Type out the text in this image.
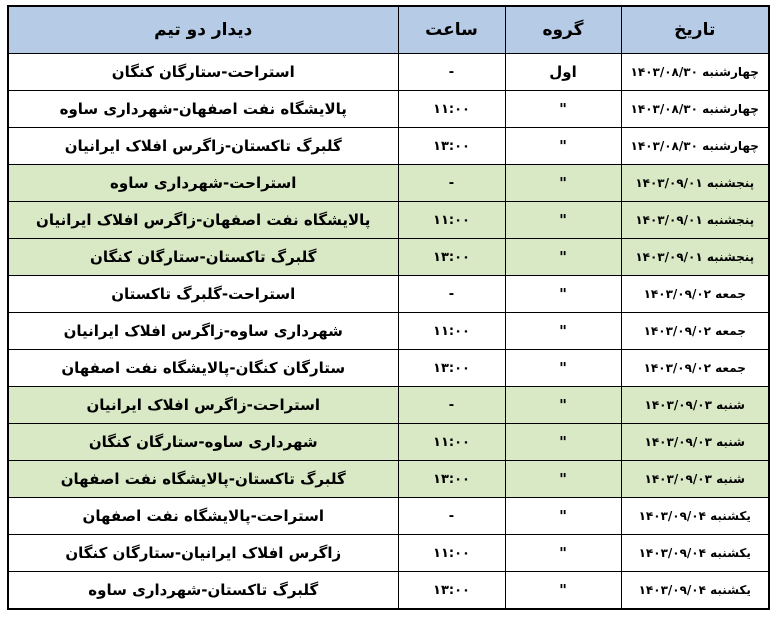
تاریخ	گروه	ساعت	دیدار دو تیم
چهارشنبه ۱۴۰۳/۰۸/۳۰	اول	-	استراحت-ستارگان کنگان
چهارشنبه ۱۴۰۳/۰۸/۳۰	"	۱۱:۰۰	پالایشگاه نفت اصفهان-شهرداری ساوه
چهارشنبه ۱۴۰۳/۰۸/۳۰	"	۱۳:۰۰	گلبرگ تاکستان-زاگرس افلاک ایرانیان
پنجشنبه ۱۴۰۳/۰۹/۰۱	"	-	استراحت-شهرداری ساوه
پنجشنبه ۱۴۰۳/۰۹/۰۱	"	۱۱:۰۰	پالایشگاه نفت اصفهان-زاگرس افلاک ایرانیان
پنجشنبه ۱۴۰۳/۰۹/۰۱	"	۱۳:۰۰	گلبرگ تاکستان-ستارگان کنگان
جمعه ۱۴۰۳/۰۹/۰۲	"	-	استراحت-گلبرگ تاکستان
جمعه ۱۴۰۳/۰۹/۰۲	"	۱۱:۰۰	شهرداری ساوه-زاگرس افلاک ایرانیان
جمعه ۱۴۰۳/۰۹/۰۲	"	۱۳:۰۰	ستارگان کنگان-پالایشگاه نفت اصفهان
شنبه ۱۴۰۳/۰۹/۰۳	"	-	استراحت-زاگرس افلاک ایرانیان
شنبه ۱۴۰۳/۰۹/۰۳	"	۱۱:۰۰	شهرداری ساوه-ستارگان کنگان
شنبه ۱۴۰۳/۰۹/۰۳	"	۱۳:۰۰	گلبرگ تاکستان-پالایشگاه نفت اصفهان
یکشنبه ۱۴۰۳/۰۹/۰۴	"	-	استراحت-پالایشگاه نفت اصفهان
یکشنبه ۱۴۰۳/۰۹/۰۴	"	۱۱:۰۰	زاگرس افلاک ایرانیان-ستارگان کنگان
یکشنبه ۱۴۰۳/۰۹/۰۴	"	۱۳:۰۰	گلبرگ تاکستان-شهرداری ساوه
